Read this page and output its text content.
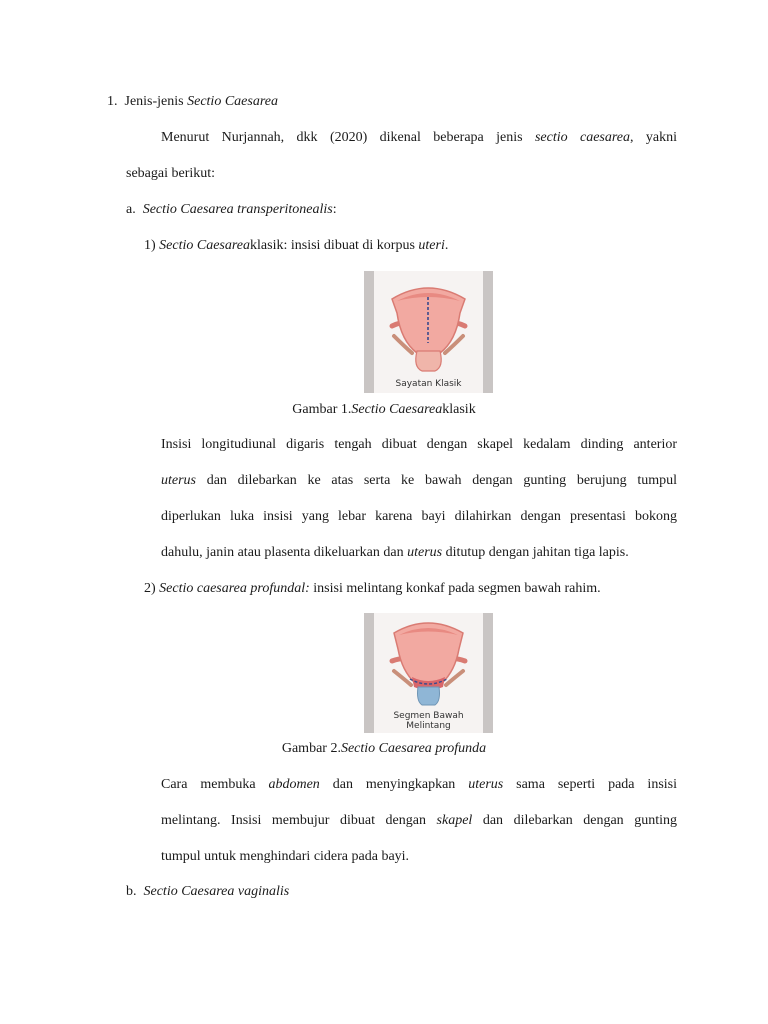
1. Jenis-jenis Sectio Caesarea
Menurut Nurjannah, dkk (2020) dikenal beberapa jenis sectio caesarea, yakni
sebagai berikut:
a. Sectio Caesarea transperitonealis:
1) Sectio Caesareaklasik: insisi dibuat di korpus uteri.
Sayatan Klasik
Gambar 1.Sectio Caesareaklasik
Insisi longitudiunal digaris tengah dibuat dengan skapel kedalam dinding anterior
uterus dan dilebarkan ke atas serta ke bawah dengan gunting berujung tumpul
diperlukan luka insisi yang lebar karena bayi dilahirkan dengan presentasi bokong
dahulu, janin atau plasenta dikeluarkan dan uterus ditutup dengan jahitan tiga lapis.
2) Sectio caesarea profundal: insisi melintang konkaf pada segmen bawah rahim.
Segmen Bawah
Melintang
Gambar 2.Sectio Caesarea profunda
Cara membuka abdomen dan menyingkapkan uterus sama seperti pada insisi
melintang. Insisi membujur dibuat dengan skapel dan dilebarkan dengan gunting
tumpul untuk menghindari cidera pada bayi.
b. Sectio Caesarea vaginalis
